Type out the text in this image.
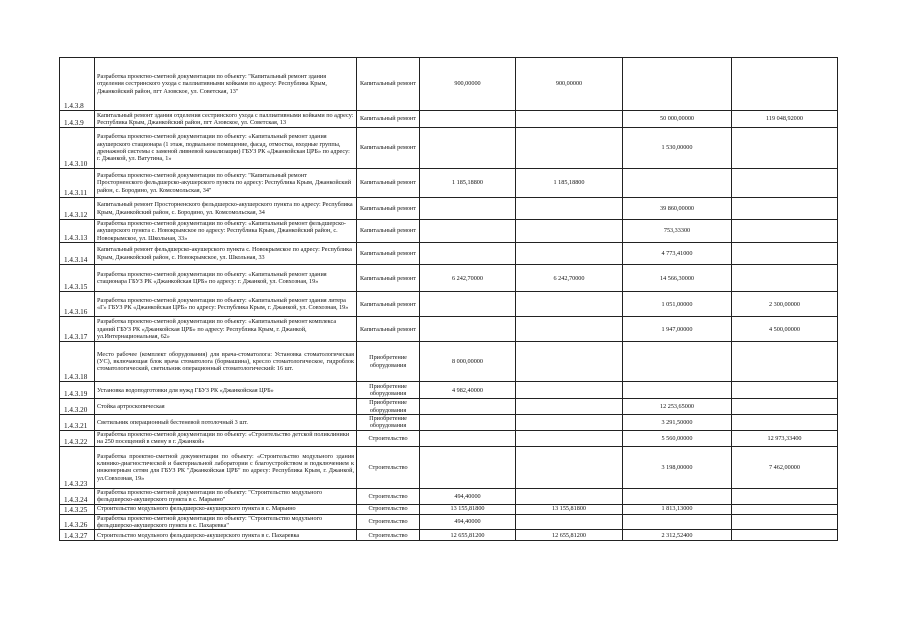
1.4.3.8	Разработка проектно-сметной документации по объекту: "Капитальный ремонт здания отделения сестринского ухода с паллиативными койками по адресу: Республика Крым, Джанкойский район, пгт Азовское, ул. Советская, 13"	Капитальный ремонт	900,00000	900,00000		
1.4.3.9	Капитальный ремонт здания отделения сестринского ухода с паллиативными койками по адресу: Республика Крым, Джанкойский район, пгт Азовское, ул. Советская, 13	Капитальный ремонт			50 000,00000	119 048,92000
1.4.3.10	Разработка проектно-сметной документации по объекту: «Капитальный ремонт здания акушерского стационара (1 этаж, подвальное помещение, фасад, отмостка, входные группы, дренажной системы с заменой ливневой канализации) ГБУЗ РК «Джанкойская ЦРБ» по адресу: г. Джанкой, ул. Ватутина, 1»	Капитальный ремонт			1 530,00000	
1.4.3.11	Разработка проектно-сметной документации по объекту: "Капитальный ремонт Просторненского фельдшерско-акушерского пункта по адресу: Республика Крым, Джанкойский район, с. Бородино, ул. Комсомольская, 34"	Капитальный ремонт	1 185,18800	1 185,18800		
1.4.3.12	Капитальный ремонт Просторненского фельдшерско-акушерского пункта по адресу: Республика Крым, Джанкойский район, с. Бородино, ул. Комсомольская, 34	Капитальный ремонт			39 860,00000	
1.4.3.13	Разработка проектно-сметной документации по объекту: «Капитальный ремонт фельдшерско-акушерского пункта с. Новокрымское по адресу: Республика Крым, Джанкойский район, с. Новокрымское, ул. Школьная, 33»	Капитальный ремонт			753,33300	
1.4.3.14	Капитальный ремонт фельдшерско-акушерского пункта с. Новокрымское по адресу: Республика Крым, Джанкойский район, с. Новокрымское, ул. Школьная, 33	Капитальный ремонт			4 773,41000	
1.4.3.15	Разработка проектно-сметной документации по объекту: «Капитальный ремонт здания стационара ГБУЗ РК «Джанкойская ЦРБ» по адресу: г. Джанкой, ул. Совхозная, 19»	Капитальный ремонт	6 242,70000	6 242,70000	14 566,30000	
1.4.3.16	Разработка проектно-сметной документации по объекту: «Капитальный ремонт здания литера «Г» ГБУЗ РК «Джанкойская ЦРБ» по адресу: Республика Крым, г. Джанкой, ул. Совхозная, 19»	Капитальный ремонт			1 051,00000	2 300,00000
1.4.3.17	Разработка проектно-сметной документации по объекту: «Капитальный ремонт комплекса зданий ГБУЗ РК «Джанкойская ЦРБ» по адресу: Республика Крым, г. Джанкой, ул.Интернациональная, 62»	Капитальный ремонт			1 947,00000	4 500,00000
1.4.3.18	Место рабочее (комплект оборудования) для врача-стоматолога: Установка стоматологическая (УС), включающая блок врача стоматолога (бормашина), кресло стоматологическое, гидроблок стоматологический, светильник операционный стоматологический: 16 шт.	Приобретение оборудования	8 000,00000			
1.4.3.19	Установка водоподготовки для нужд ГБУЗ РК «Джанкойская ЦРБ»	Приобретение оборудования	4 982,40000			
1.4.3.20	Стойка артроскопическая	Приобретение оборудования			12 253,65000	
1.4.3.21	Светильник операционный бестеневой потолочный 3 шт.	Приобретение оборудования			3 291,50000	
1.4.3.22	Разработка проектно-сметной документации по объекту: «Строительство детской поликлиники на 250 посещений в смену в г. Джанкой»	Строительство			5 560,00000	12 973,33400
1.4.3.23	Разработка проектно-сметной документации по объекту: «Строительство модульного здания клинико-диагностической и бактериальной лаборатории с благоустройством и подключением к инженерным сетям для ГБУЗ РК "Джанкойская ЦРБ" по адресу: Республика Крым, г. Джанкой, ул.Совхозная, 19»	Строительство			3 198,00000	7 462,00000
1.4.3.24	Разработка проектно-сметной документации по объекту: "Строительство модульного фельдшерско-акушерского пункта в с. Марьино"	Строительство	494,40000			
1.4.3.25	Строительство модульного фельдшерско-акушерского пункта в с. Марьино	Строительство	13 155,81800	13 155,81800	1 813,13000	
1.4.3.26	Разработка проектно-сметной документации по объекту: "Строительство модульного фельдшерско-акушерского пункта в с. Пахаревка"	Строительство	494,40000			
1.4.3.27	Строительство модульного фельдшерско-акушерского пункта в с. Пахаревка	Строительство	12 655,81200	12 655,81200	2 312,52400	
